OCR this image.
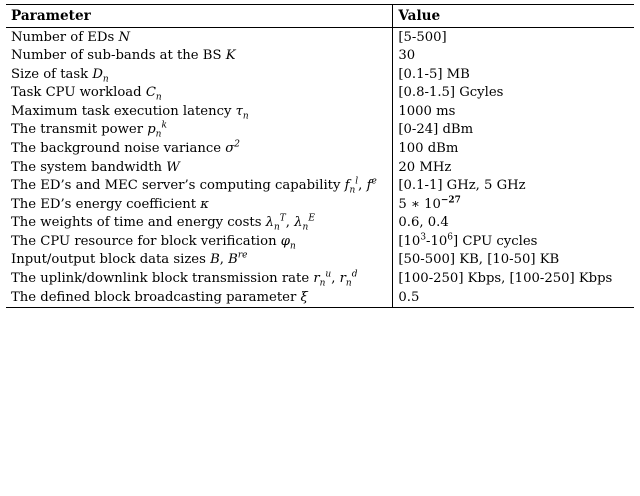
Parameter	Value
Number of EDs N	[5-500]
Number of sub-bands at the BS K	30
Size of task $D_n$	[0.1-5] MB
Task CPU workload $C_n$	[0.8-1.5] Gcyles
Maximum task execution latency $\tau_n$	1000 ms
The transmit power $p_n^k$	[0-24] dBm
The background noise variance $\sigma^2$	100 dBm
The system bandwidth W	20 MHz
The ED’s and MEC server’s computing capability $f_n^l$, $f^e$	[0.1-1] GHz, 5 GHz
The ED’s energy coefficient κ	5 ∗ $10^{-27}$
The weights of time and energy costs $\lambda_n^T$, $\lambda_n^E$	0.6, 0.4
The CPU resource for block verification $\varphi_n$	$[10^3-10^6]$ CPU cycles
Input/output block data sizes B, $B^{re}$	[50-500] KB, [10-50] KB
The uplink/downlink block transmission rate $r_n^u$, $r_n^d$	[100-250] Kbps, [100-250] Kbps
The defined block broadcasting parameter ξ	0.5
